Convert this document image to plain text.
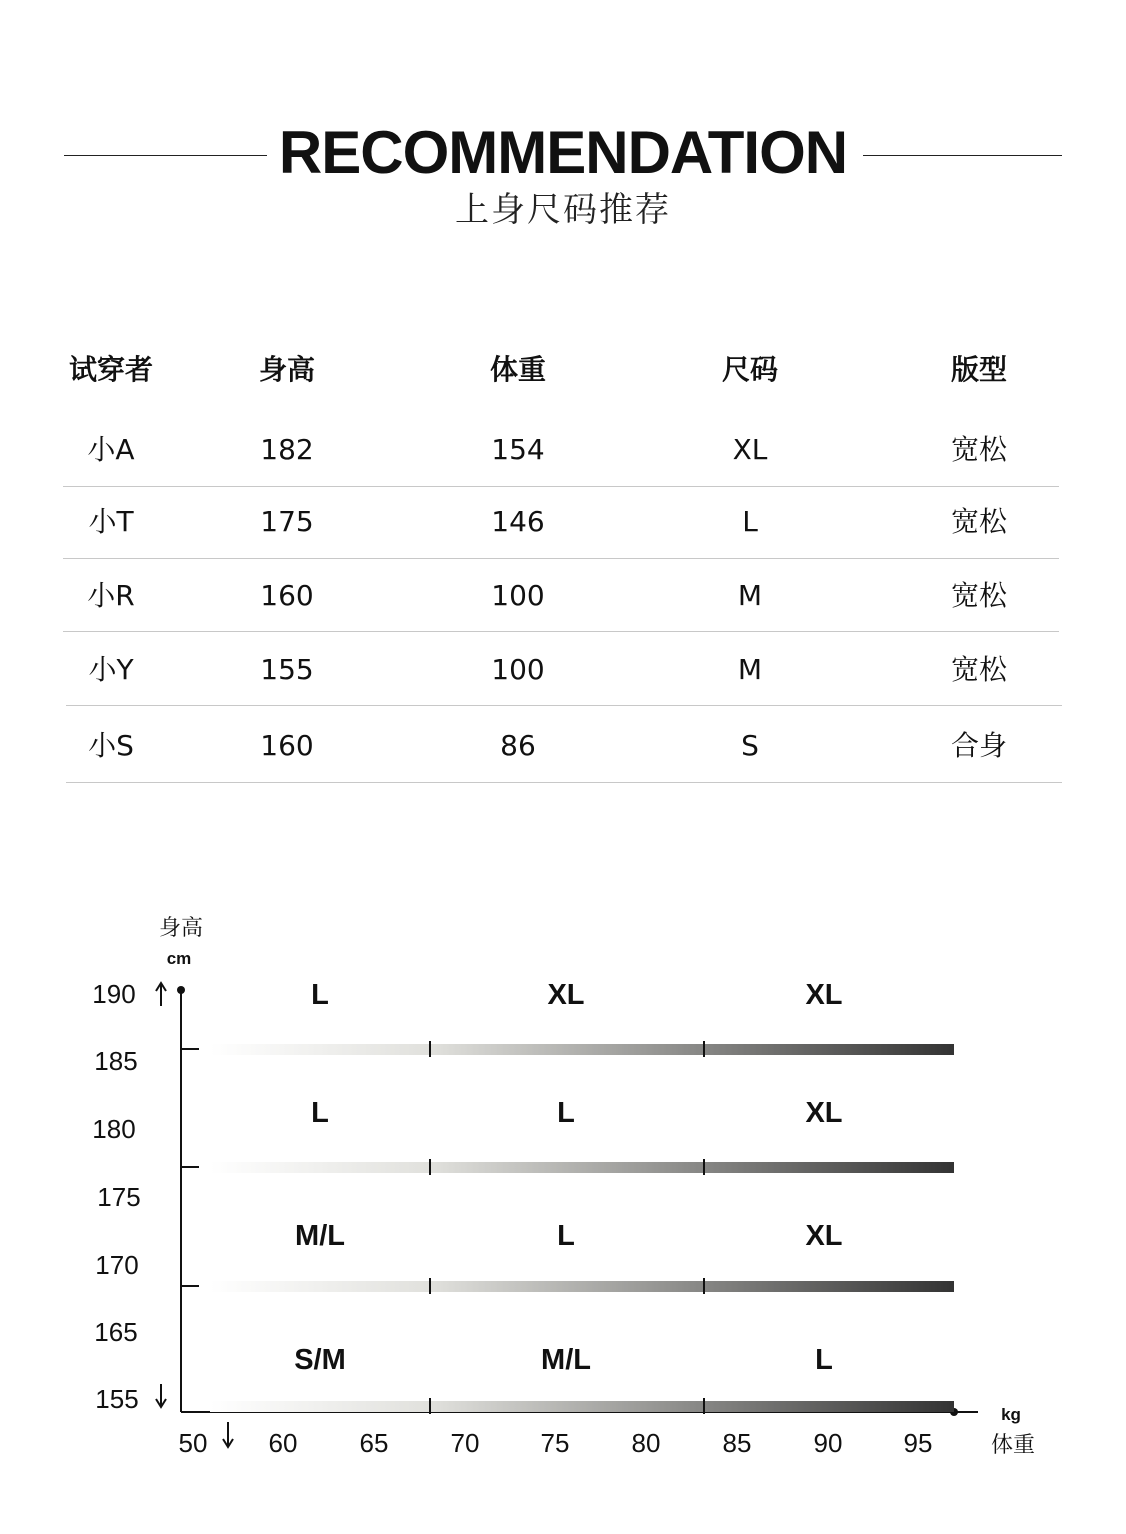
RECOMMENDATION
上身尺码推荐
试穿者	身高	体重	尺码	版型
小A	182	154	XL	宽松
小T	175	146	L	宽松
小R	160	100	M	宽松
小Y	155	100	M	宽松
小S	160	86	S	合身
身高
cm
kg
体重
190
185
180
175
170
165
155
50 60 65 70 75 80 85 90 95
L	XL	XL
L	L	XL
M/L	L	XL
S/M	M/L	L
